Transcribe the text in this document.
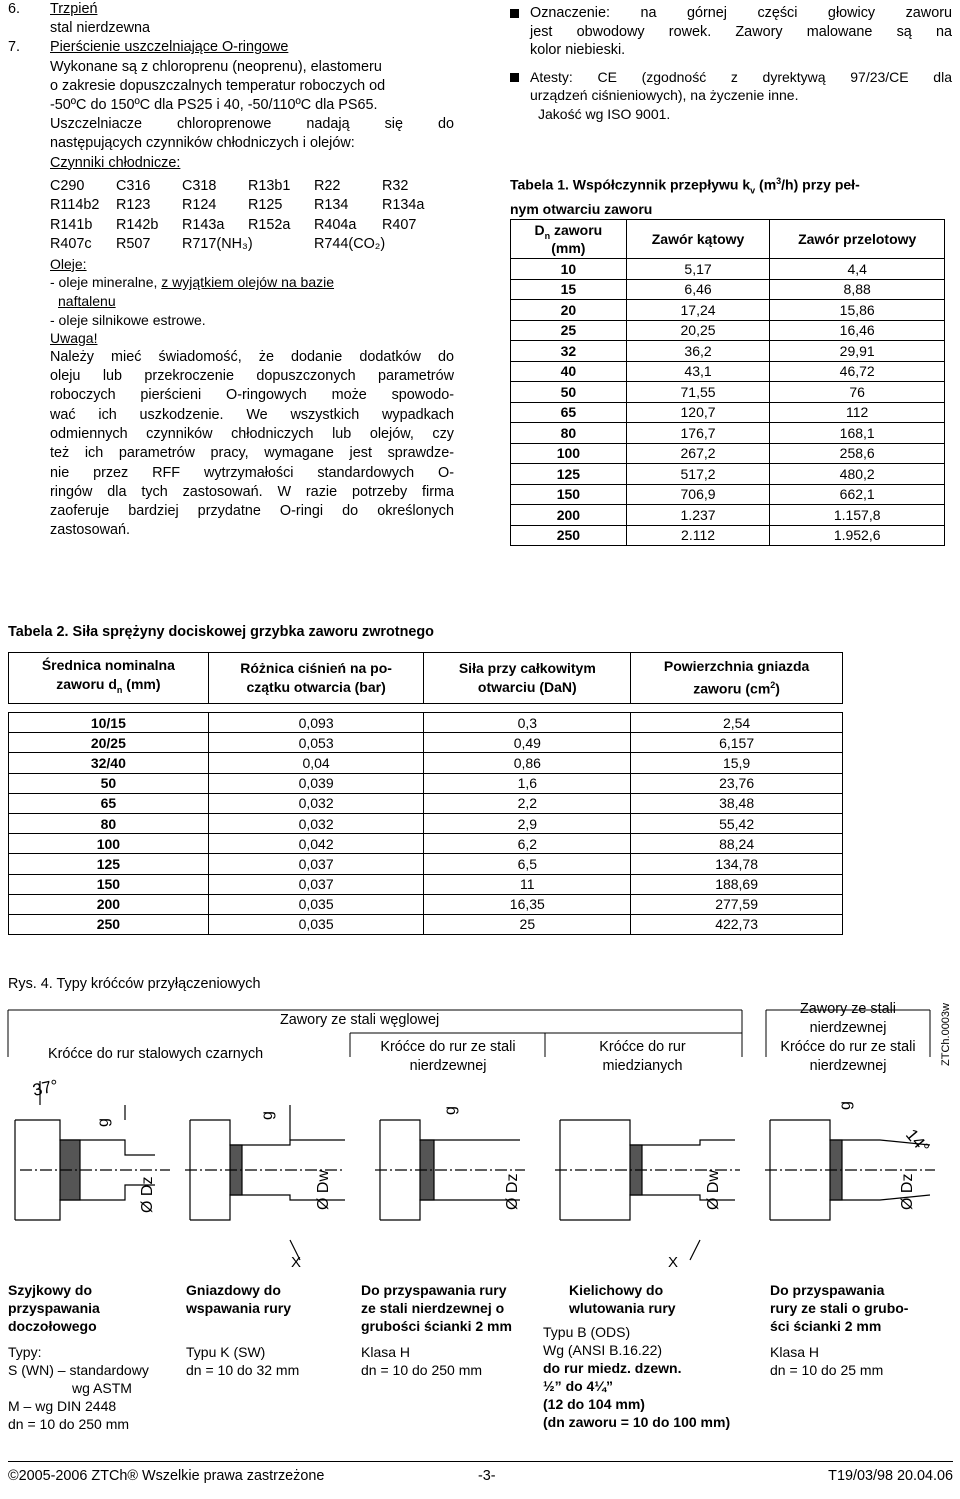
6. Trzpień
stal nierdzewna
7. Pierścienie uszczelniające O-ringowe
Wykonane są z chloroprenu (neoprenu), elastomeru
o zakresie dopuszczalnych temperatur roboczych od
-50ºC do 150ºC dla PS25 i 40, -50/110ºC dla PS65.
Uszczelniacze chloroprenowe nadają się do
następujących czynników chłodniczych i olejów:
Czynniki chłodnicze:
C290	C316	C318	R13b1	R22	R32
R114b2	R123	R124	R125	R134	R134a
R141b	R142b	R143a	R152a	R404a	R407
R407c	R507	R717(NH₃)	R744(CO₂)
Oleje:
- oleje mineralne, z wyjątkiem olejów na bazie
naftalenu
- oleje silnikowe estrowe.
Uwaga!
Należy mieć świadomość, że dodanie dodatków do
oleju lub przekroczenie dopuszczonych parametrów
roboczych pierścieni O-ringowych może spowodo-
wać ich uszkodzenie. We wszystkich wypadkach
odmiennych czynników chłodniczych lub olejów, czy
też ich parametrów pracy, wymagane jest sprawdze-
nie przez RFF wytrzymałości standardowych O-
ringów dla tych zastosowań. W razie potrzeby firma
zaoferuje bardziej przydatne O-ringi do określonych
zastosowań.
Oznaczenie: na górnej części głowicy zaworu
jest obwodowy rowek. Zawory malowane są na
kolor niebieski.
Atesty: CE (zgodność z dyrektywą 97/23/CE dla
urządzeń ciśnieniowych), na życzenie inne.
Jakość wg ISO 9001.
Tabela 1. Współczynnik przepływu $k_v$ $(m^3/h)$ przy peł-
nym otwarciu zaworu
$D_n$ zaworu
(mm)	Zawór kątowy	Zawór przelotowy
10	5,17	4,4
15	6,46	8,88
20	17,24	15,86
25	20,25	16,46
32	36,2	29,91
40	43,1	46,72
50	71,55	76
65	120,7	112
80	176,7	168,1
100	267,2	258,6
125	517,2	480,2
150	706,9	662,1
200	1.237	1.157,8
250	2.112	1.952,6
Tabela 2. Siła sprężyny dociskowej grzybka zaworu zwrotnego
Średnica nominalna
zaworu $d_n$ (mm)	Różnica ciśnień na po-
czątku otwarcia (bar)	Siła przy całkowitym
otwarciu (DaN)	Powierzchnia gniazda
zaworu $(cm^2)$

10/15	0,093	0,3	2,54
20/25	0,053	0,49	6,157
32/40	0,04	0,86	15,9
50	0,039	1,6	23,76
65	0,032	2,2	38,48
80	0,032	2,9	55,42
100	0,042	6,2	88,24
125	0,037	6,5	134,78
150	0,037	11	188,69
200	0,035	16,35	277,59
250	0,035	25	422,73
Rys. 4. Typy króćców przyłączeniowych
ZTCh.0003w
37°
g
Ø Dz
g
Ø Dw
X
g
Ø Dz	Ø Dw
X
g
14°
Ø Dz
Zawory ze stali węglowej
Zawory ze stali nierdzewnej
Króćce do rur stalowych czarnych	Króćce do rur ze stali nierdzewnej
Króćce do rur miedzianych
Króćce do rur ze stali nierdzewnej
Szyjkowy do
przyspawania
doczołowego
Typy:
S (WN) – standardowy
wg ASTM
M – wg DIN 2448
dn = 10 do 250 mm
Gniazdowy do
wspawania rury
Typu K (SW)
dn = 10 do 32 mm
Do przyspawania rury
ze stali nierdzewnej o
grubości ścianki 2 mm
Klasa H
dn = 10 do 250 mm
Kielichowy do
wlutowania rury
Typu B (ODS)
Wg (ANSI B.16.22)
do rur miedz. dzewn.
½” do 4¼”
(12 do 104 mm)
(dn zaworu = 10 do 100 mm)
Do przyspawania
rury ze stali o grubo-
ści ścianki 2 mm
Klasa H
dn = 10 do 25 mm
©2005-2006 ZTCh® Wszelkie prawa zastrzeżone	-3-	T19/03/98 20.04.06
